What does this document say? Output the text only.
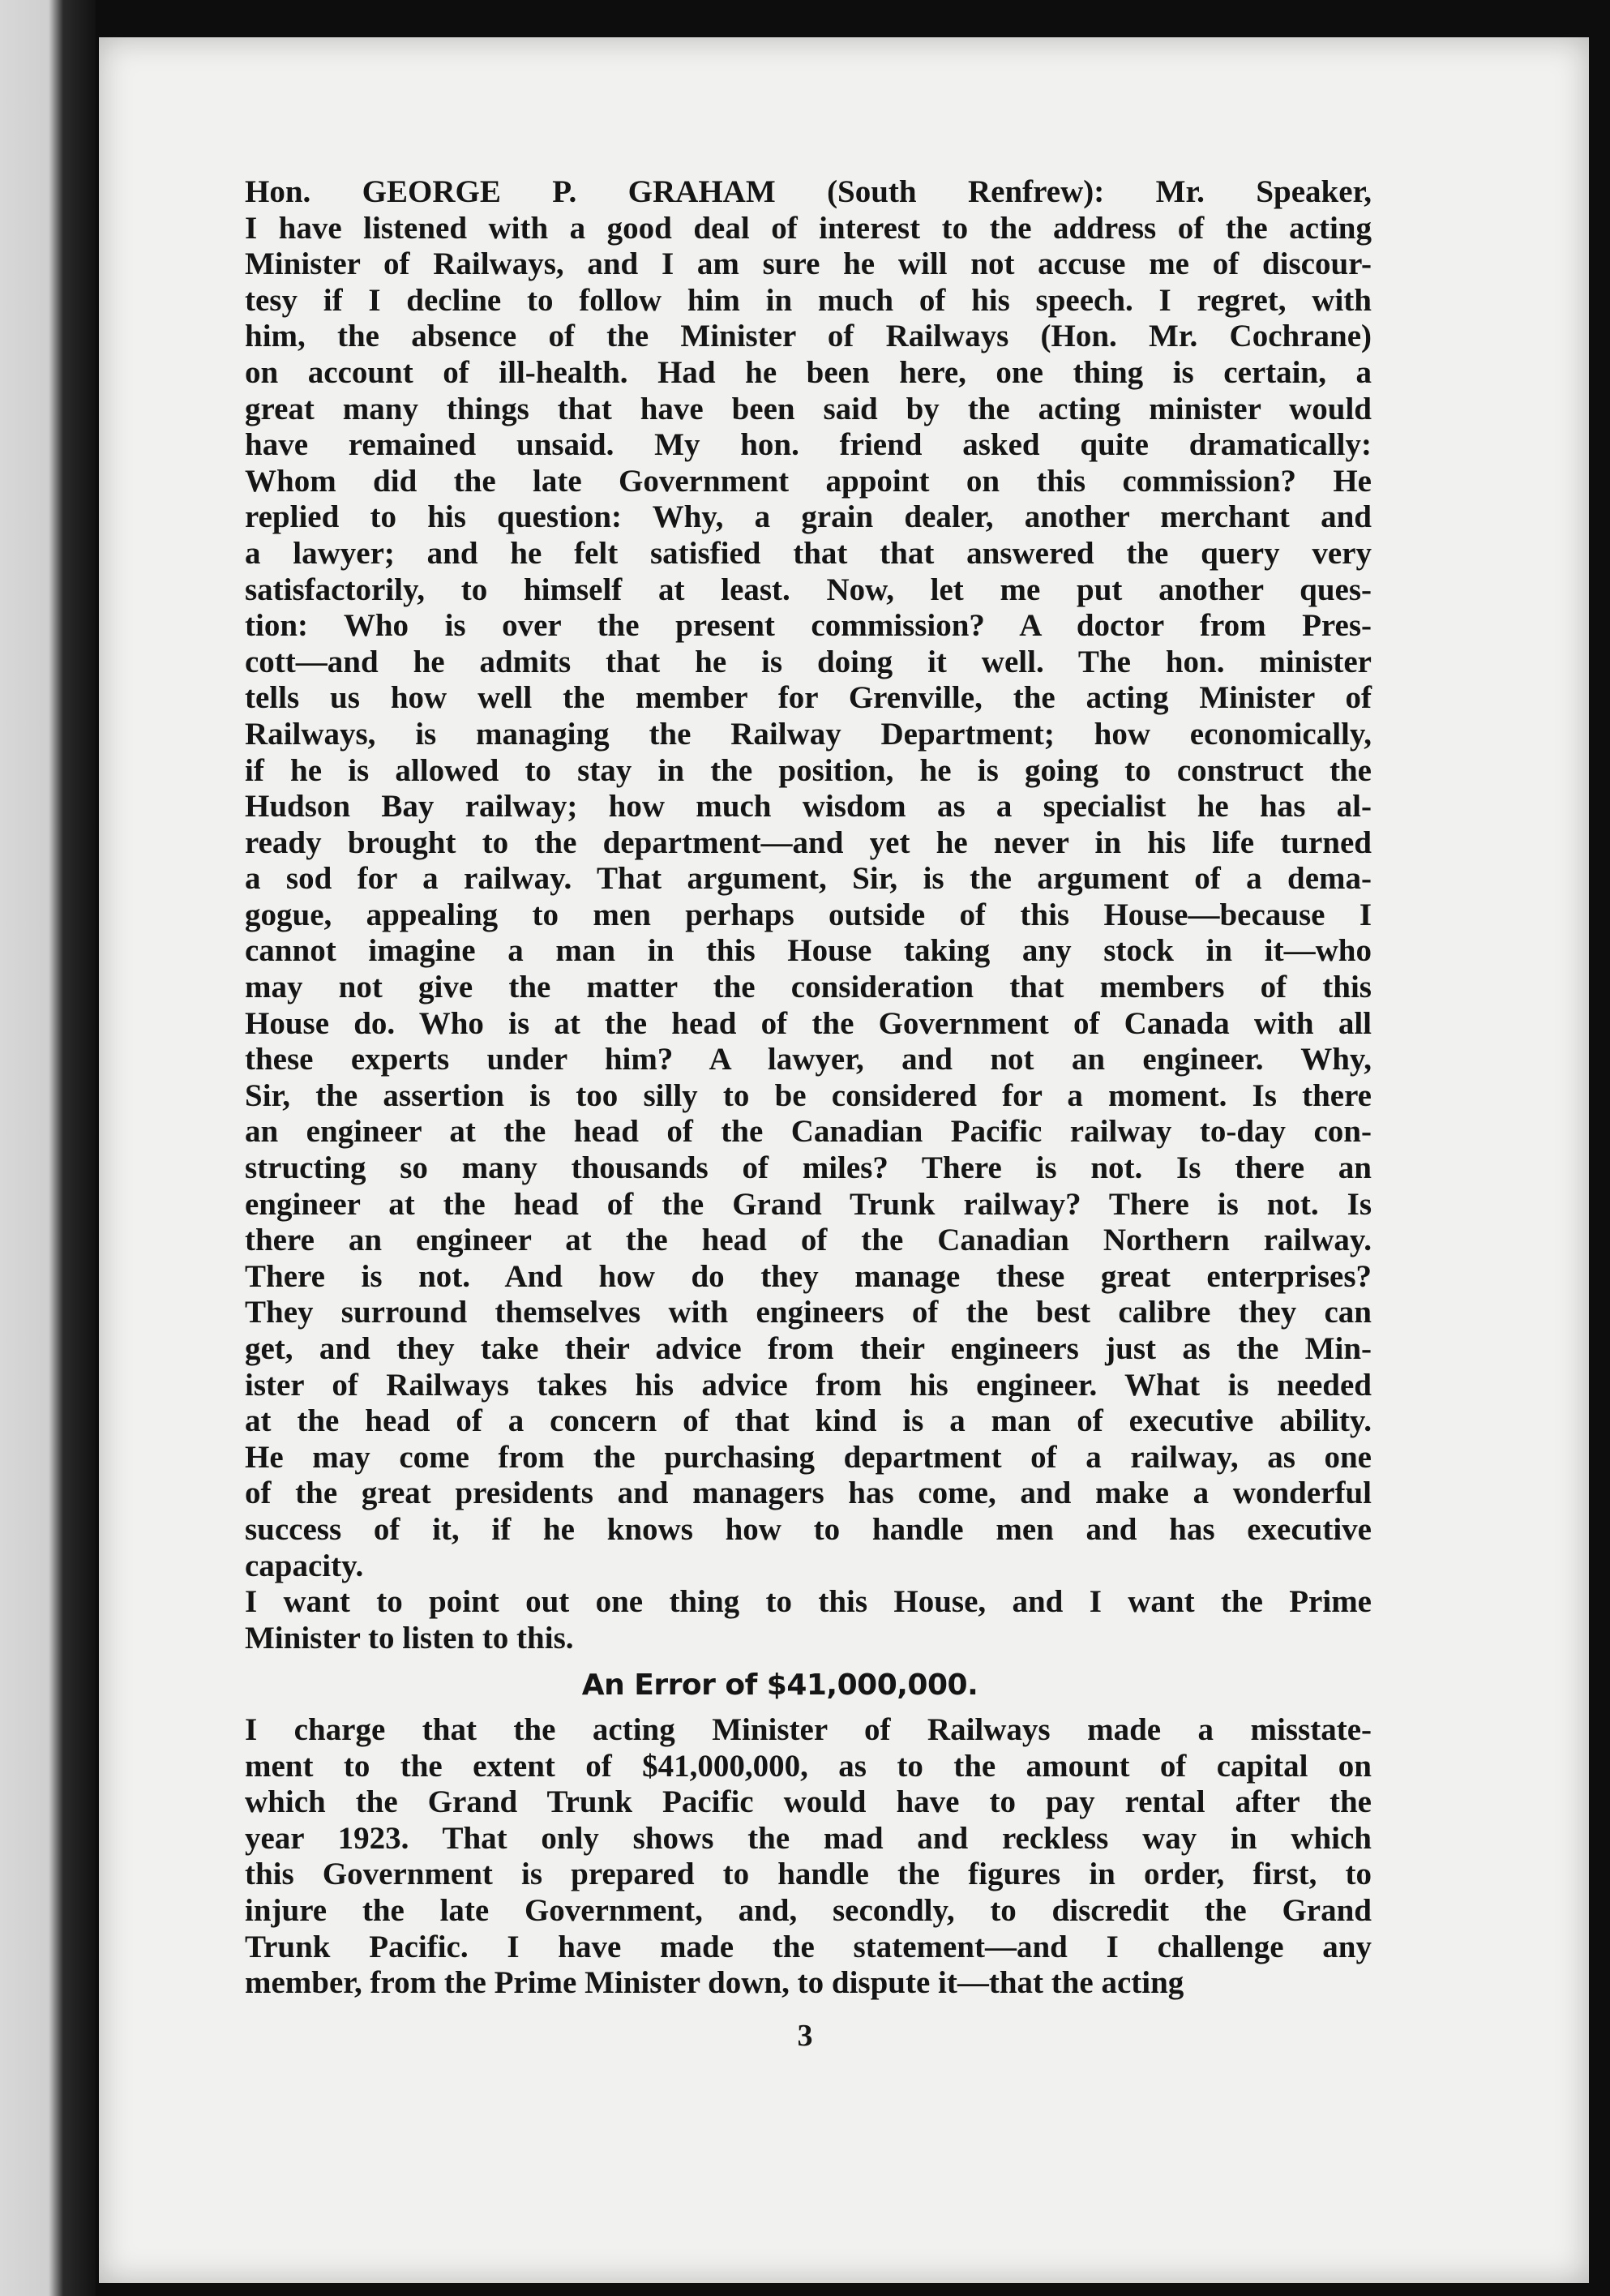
Hon. GEORGE P. GRAHAM (South Renfrew): Mr. Speaker,
I have listened with a good deal of interest to the address of the acting
Minister of Railways, and I am sure he will not accuse me of discour-
tesy if I decline to follow him in much of his speech. I regret, with
him, the absence of the Minister of Railways (Hon. Mr. Cochrane)
on account of ill-health. Had he been here, one thing is certain, a
great many things that have been said by the acting minister would
have remained unsaid. My hon. friend asked quite dramatically:
Whom did the late Government appoint on this commission? He
replied to his question: Why, a grain dealer, another merchant and
a lawyer; and he felt satisfied that that answered the query very
satisfactorily, to himself at least. Now, let me put another ques-
tion: Who is over the present commission? A doctor from Pres-
cott—and he admits that he is doing it well. The hon. minister
tells us how well the member for Grenville, the acting Minister of
Railways, is managing the Railway Department; how economically,
if he is allowed to stay in the position, he is going to construct the
Hudson Bay railway; how much wisdom as a specialist he has al-
ready brought to the department—and yet he never in his life turned
a sod for a railway. That argument, Sir, is the argument of a dema-
gogue, appealing to men perhaps outside of this House—because I
cannot imagine a man in this House taking any stock in it—who
may not give the matter the consideration that members of this
House do. Who is at the head of the Government of Canada with all
these experts under him? A lawyer, and not an engineer. Why,
Sir, the assertion is too silly to be considered for a moment. Is there
an engineer at the head of the Canadian Pacific railway to-day con-
structing so many thousands of miles? There is not. Is there an
engineer at the head of the Grand Trunk railway? There is not. Is
there an engineer at the head of the Canadian Northern railway.
There is not. And how do they manage these great enterprises?
They surround themselves with engineers of the best calibre they can
get, and they take their advice from their engineers just as the Min-
ister of Railways takes his advice from his engineer. What is needed
at the head of a concern of that kind is a man of executive ability.
He may come from the purchasing department of a railway, as one
of the great presidents and managers has come, and make a wonderful
success of it, if he knows how to handle men and has executive
capacity.

I want to point out one thing to this House, and I want the Prime
Minister to listen to this.

An Error of $41,000,000.

I charge that the acting Minister of Railways made a misstate-
ment to the extent of $41,000,000, as to the amount of capital on
which the Grand Trunk Pacific would have to pay rental after the
year 1923. That only shows the mad and reckless way in which
this Government is prepared to handle the figures in order, first, to
injure the late Government, and, secondly, to discredit the Grand
Trunk Pacific. I have made the statement—and I challenge any
member, from the Prime Minister down, to dispute it—that the acting

3
